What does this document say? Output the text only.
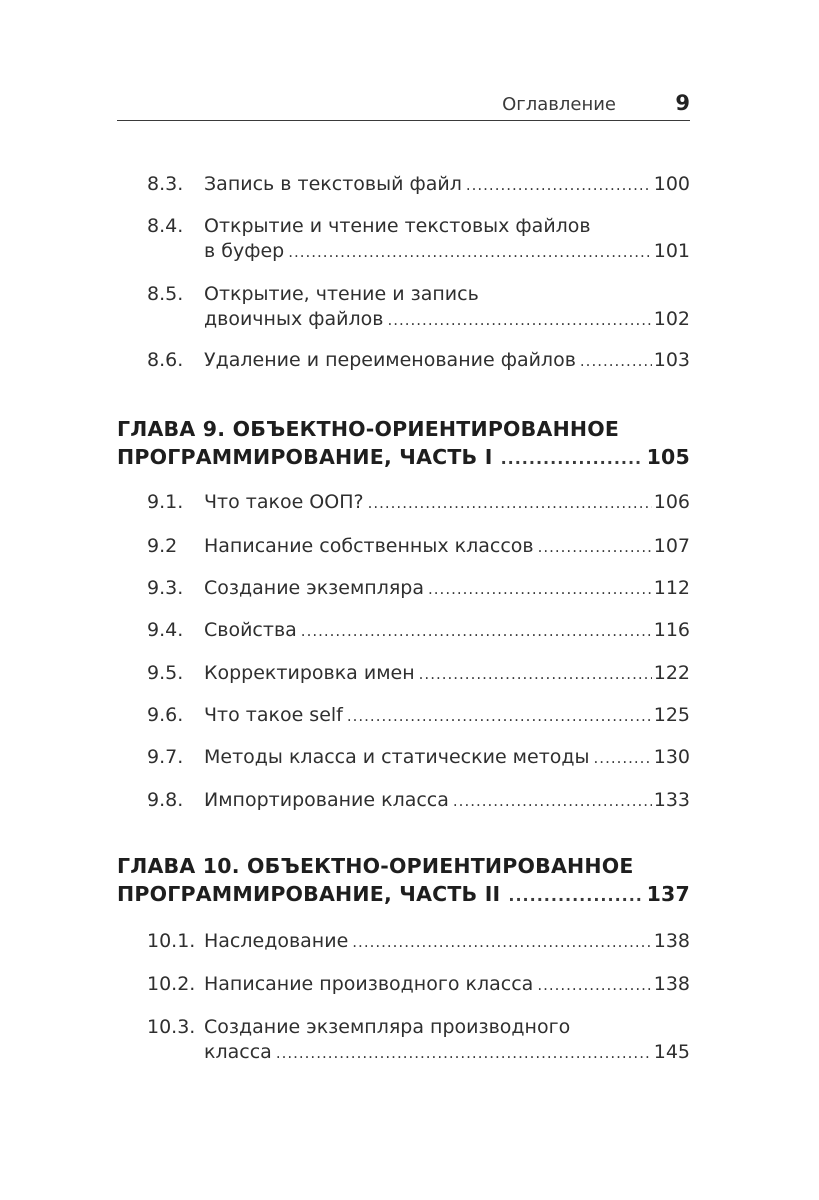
Оглавление	9
8.3. Запись в текстовый файл .....	100
8.4. Открытие и чтение текстовых файлов
в буфер .....	101
8.5. Открытие, чтение и запись
двоичных файлов .....	102
8.6. Удаление и переименование файлов .....	103
ГЛАВА 9. ОБЪЕКТНО-ОРИЕНТИРОВАННОЕ
ПРОГРАММИРОВАНИЕ, ЧАСТЬ I .....	105
9.1. Что такое ООП? .....	106
9.2 Написание собственных классов .....	107
9.3. Создание экземпляра .....	112
9.4. Свойства .....	116
9.5. Корректировка имен .....	122
9.6. Что такое self .....	125
9.7. Методы класса и статические методы .....	130
9.8. Импортирование класса .....	133
ГЛАВА 10. ОБЪЕКТНО-ОРИЕНТИРОВАННОЕ
ПРОГРАММИРОВАНИЕ, ЧАСТЬ II .....	137
10.1. Наследование .....	138
10.2. Написание производного класса .....	138
10.3. Создание экземпляра производного
класса .....	145
